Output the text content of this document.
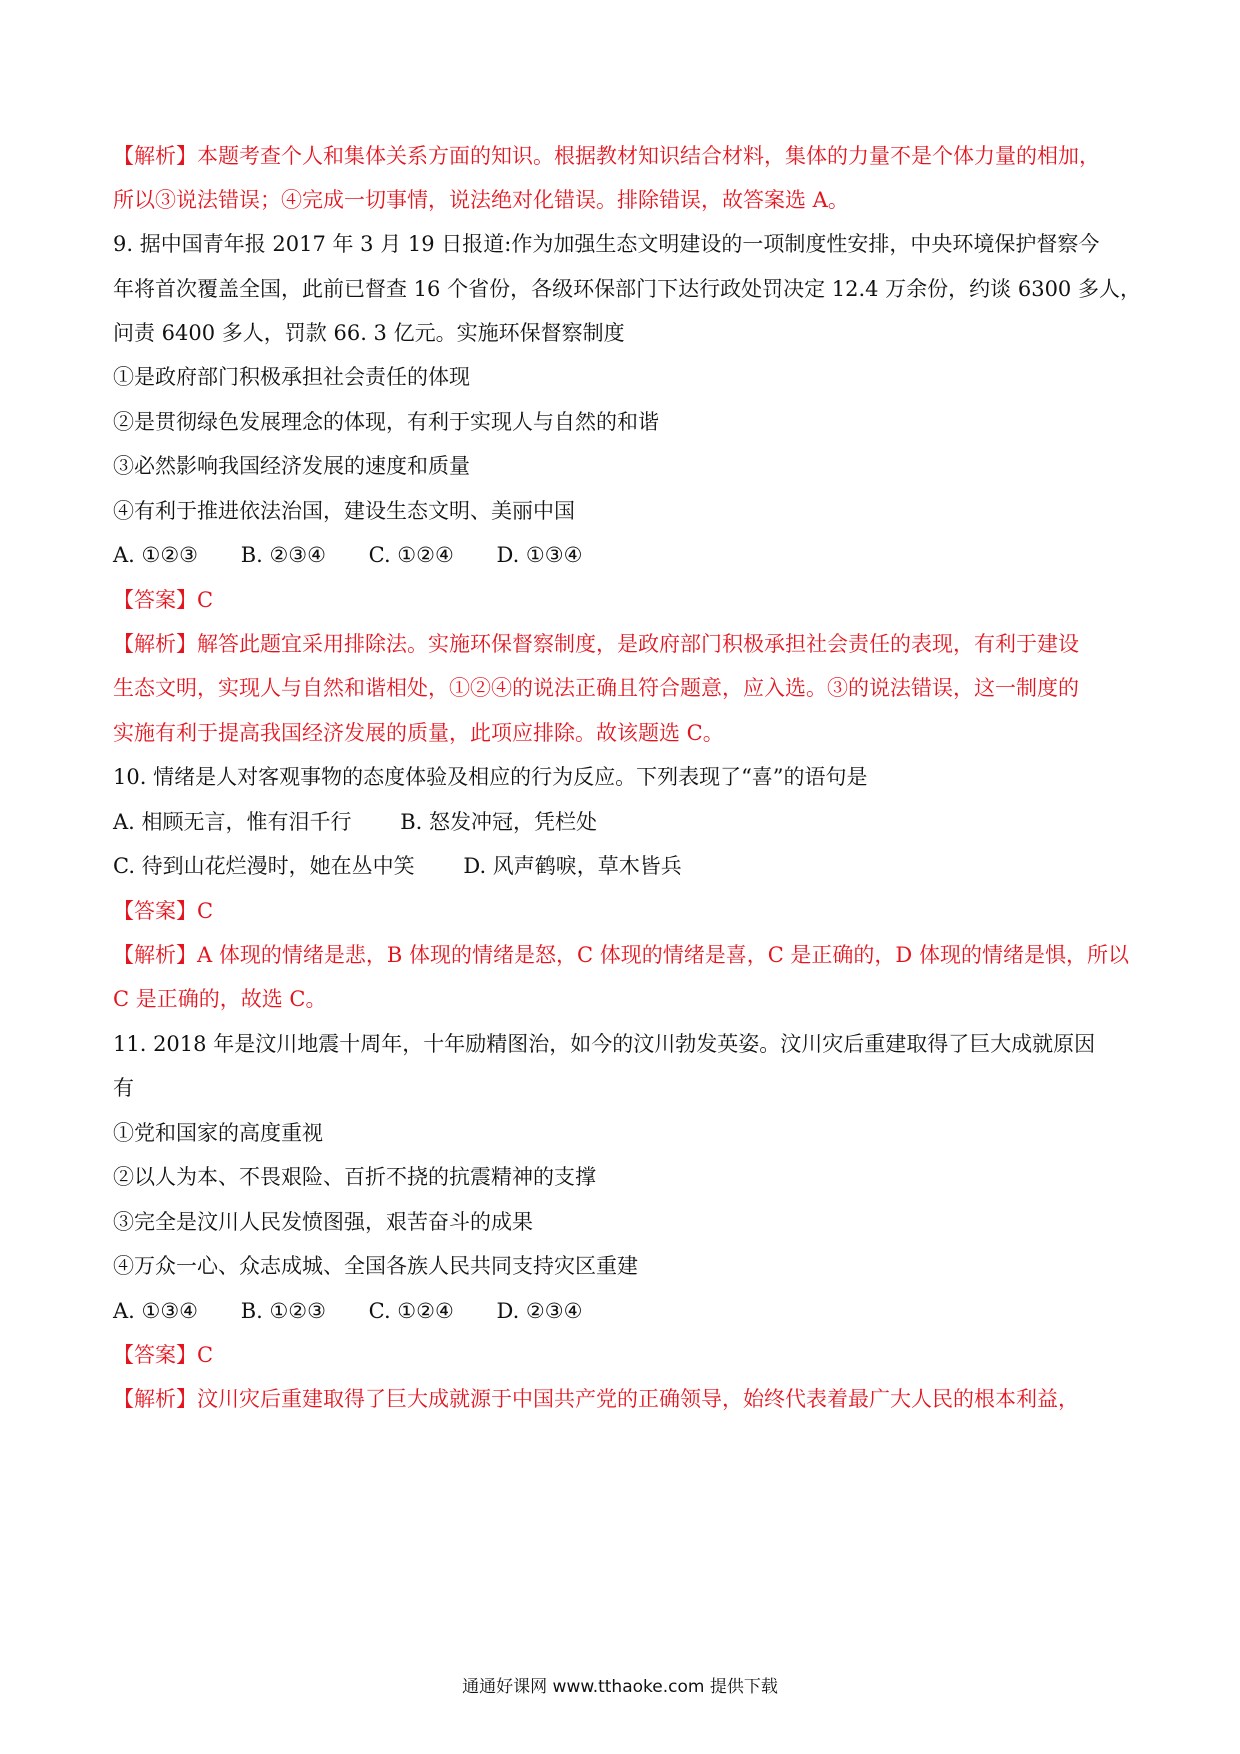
【解析】本题考查个人和集体关系方面的知识。根据教材知识结合材料，集体的力量不是个体力量的相加，
所以③说法错误；④完成一切事情，说法绝对化错误。排除错误，故答案选 A。
9. 据中国青年报 2017 年 3 月 19 日报道:作为加强生态文明建设的一项制度性安排，中央环境保护督察今
年将首次覆盖全国，此前已督查 16 个省份，各级环保部门下达行政处罚决定 12.4 万余份，约谈 6300 多人，
问责 6400 多人，罚款 66. 3 亿元。实施环保督察制度
①是政府部门积极承担社会责任的体现
②是贯彻绿色发展理念的体现，有利于实现人与自然的和谐
③必然影响我国经济发展的速度和质量
④有利于推进依法治国，建设生态文明、美丽中国
A. ①②③ B. ②③④ C. ①②④ D. ①③④
【答案】C
【解析】解答此题宜采用排除法。实施环保督察制度，是政府部门积极承担社会责任的表现，有利于建设
生态文明，实现人与自然和谐相处，①②④的说法正确且符合题意，应入选。③的说法错误，这一制度的
实施有利于提高我国经济发展的质量，此项应排除。故该题选 C。
10. 情绪是人对客观事物的态度体验及相应的行为反应。下列表现了“喜”的语句是
A. 相顾无言，惟有泪千行 B. 怒发冲冠，凭栏处
C. 待到山花烂漫时，她在丛中笑 D. 风声鹤唳，草木皆兵
【答案】C
【解析】A 体现的情绪是悲，B 体现的情绪是怒，C 体现的情绪是喜，C 是正确的，D 体现的情绪是惧，所以
C 是正确的，故选 C。
11. 2018 年是汶川地震十周年，十年励精图治，如今的汶川勃发英姿。汶川灾后重建取得了巨大成就原因
有
①党和国家的高度重视
②以人为本、不畏艰险、百折不挠的抗震精神的支撑
③完全是汶川人民发愤图强，艰苦奋斗的成果
④万众一心、众志成城、全国各族人民共同支持灾区重建
A. ①③④ B. ①②③ C. ①②④ D. ②③④
【答案】C
【解析】汶川灾后重建取得了巨大成就源于中国共产党的正确领导，始终代表着最广大人民的根本利益，
通通好课网 www.tthaoke.com 提供下载
